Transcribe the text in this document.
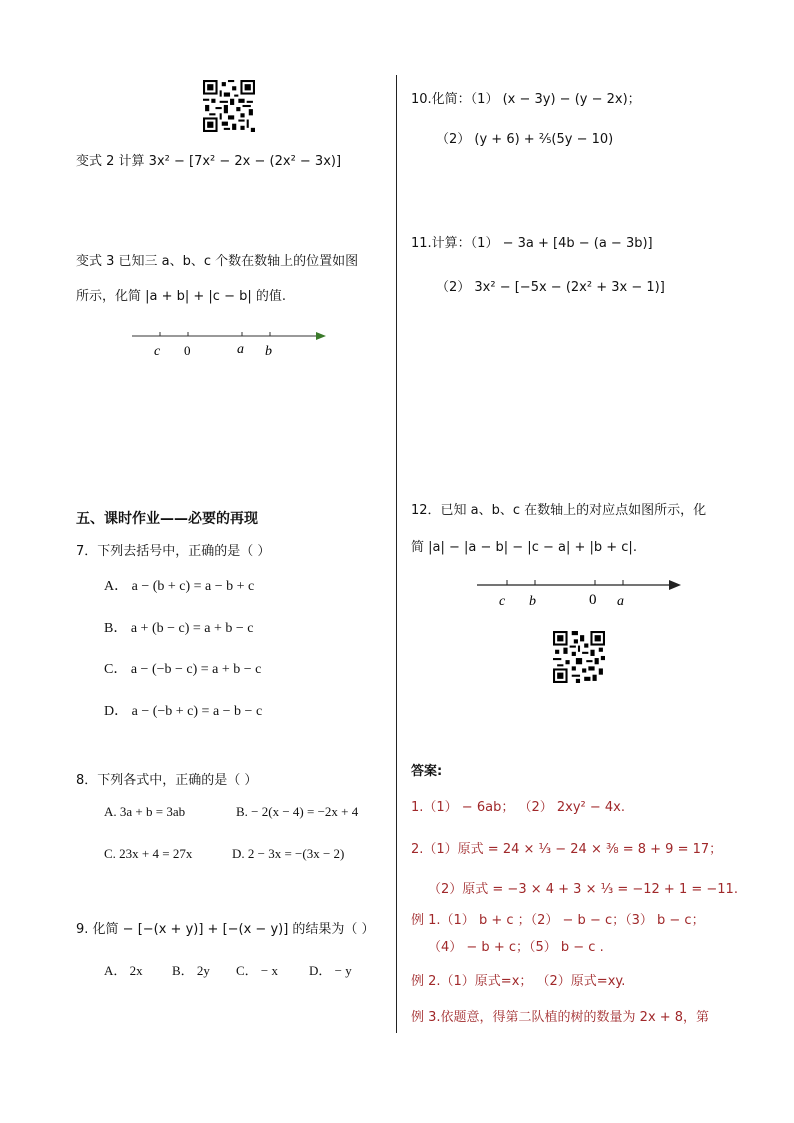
变式 2 计算 3x² − [7x² − 2x − (2x² − 3x)]
变式 3 已知三 a、b、c 个数在数轴上的位置如图
所示，化简 |a + b| + |c − b| 的值.
c 0	a b
五、课时作业——必要的再现
7．下列去括号中，正确的是（ ）
A． a − (b + c) = a − b + c
B． a + (b − c) = a + b − c
C． a − (−b − c) = a + b − c
D． a − (−b + c) = a − b − c
8．下列各式中，正确的是（ ）
A. 3a + b = 3ab	B. − 2(x − 4) = −2x + 4
C. 23x + 4 = 27x	D. 2 − 3x = −(3x − 2)
9. 化简 − [−(x + y)] + [−(x − y)] 的结果为（ ）
A． 2x B． 2y C． − x D． − y
10.化简：（1） (x − 3y) − (y − 2x)；
（2） (y + 6) + ⅖(5y − 10)
11.计算：（1） − 3a + [4b − (a − 3b)]
（2） 3x² − [−5x − (2x² + 3x − 1)]
12．已知 a、b、c 在数轴上的对应点如图所示，化
简 |a| − |a − b| − |c − a| + |b + c|.
c b	0 a
答案:
1.（1） − 6ab； （2） 2xy² − 4x.
2.（1）原式 = 24 × ⅓ − 24 × ⅜ = 8 + 9 = 17；
（2）原式 = −3 × 4 + 3 × ⅓ = −12 + 1 = −11.
例 1.（1） b + c ；（2） − b − c；（3） b − c；
（4） − b + c；（5） b − c .
例 2.（1）原式=x； （2）原式=xy.
例 3.依题意，得第二队植的树的数量为 2x + 8，第
